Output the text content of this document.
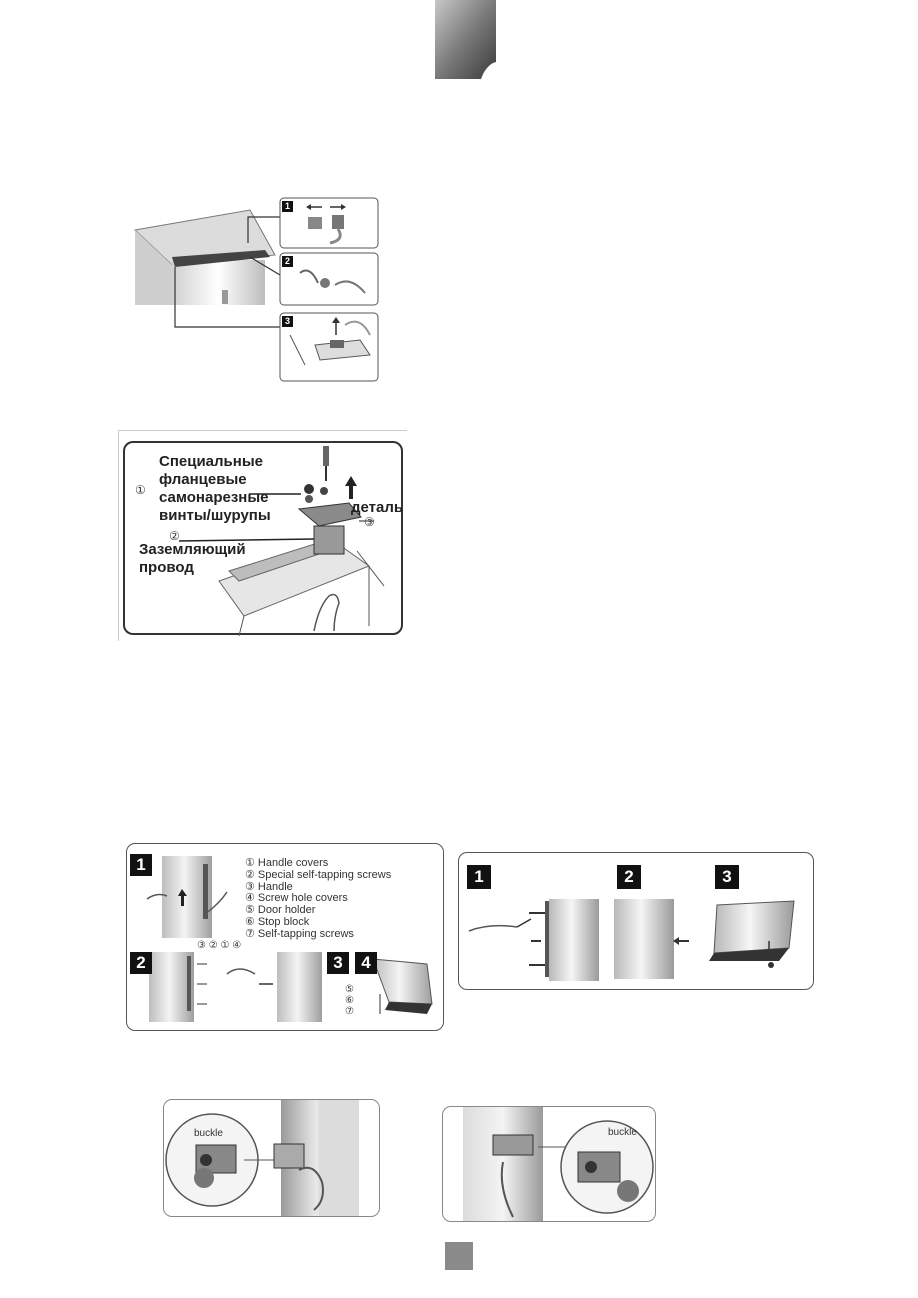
1
2
3
Специальные
фланцевые
самонарезные
винты/шурупы
①
②
③
деталь
Заземляющий
провод
1
2	3	4
① Handle covers
② Special self-tapping screws
③ Handle
④ Screw hole covers
⑤ Door holder
⑥ Stop block
⑦ Self-tapping screws
③ ② ① ④
⑤
⑥
⑦
1	2	3
buckle	buckle
